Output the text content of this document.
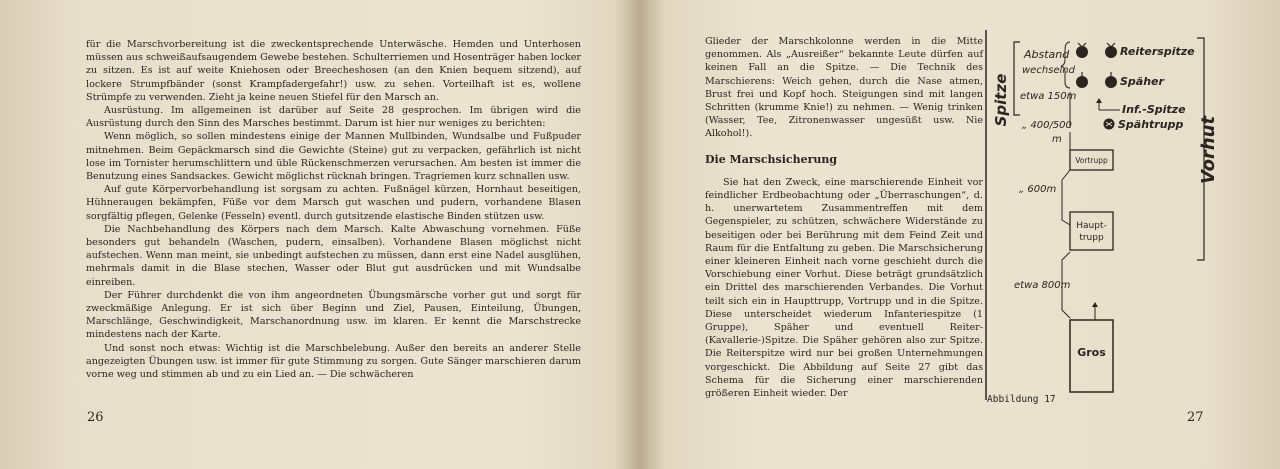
für die Marschvorbereitung ist die zweckentsprechende Unterwäsche. Hemden und Unterhosen müssen aus schweißaufsaugendem Gewebe bestehen. Schulterriemen und Hosenträger haben locker zu sitzen. Es ist auf weite Kniehosen oder Breecheshosen (an den Knien bequem sitzend), auf lockere Strumpfbänder (sonst Krampfadergefahr!) usw. zu sehen. Vorteilhaft ist es, wollene Strümpfe zu verwenden. Zieht ja keine neuen Stiefel für den Marsch an.

Ausrüstung. Im allgemeinen ist darüber auf Seite 28 gesprochen. Im übrigen wird die Ausrüstung durch den Sinn des Marsches bestimmt. Darum ist hier nur weniges zu berichten:

Wenn möglich, so sollen mindestens einige der Mannen Mullbinden, Wundsalbe und Fußpuder mitnehmen. Beim Gepäckmarsch sind die Gewichte (Steine) gut zu verpacken, gefährlich ist nicht lose im Tornister herumschlittern und üble Rückenschmerzen verursachen. Am besten ist immer die Benutzung eines Sandsackes. Gewicht möglichst rücknah bringen. Tragriemen kurz schnallen usw.

Auf gute Körpervorbehandlung ist sorgsam zu achten. Fußnägel kürzen, Hornhaut beseitigen, Hühneraugen bekämpfen, Füße vor dem Marsch gut waschen und pudern, vorhandene Blasen sorgfältig pflegen, Gelenke (Fesseln) eventl. durch gutsitzende elastische Binden stützen usw.

Die Nachbehandlung des Körpers nach dem Marsch. Kalte Abwaschung vornehmen. Füße besonders gut behandeln (Waschen, pudern, einsalben). Vorhandene Blasen möglichst nicht aufstechen. Wenn man meint, sie unbedingt aufstechen zu müssen, dann erst eine Nadel ausglühen, mehrmals damit in die Blase stechen, Wasser oder Blut gut ausdrücken und mit Wundsalbe einreiben.

Der Führer durchdenkt die von ihm angeordneten Übungsmärsche vorher gut und sorgt für zweckmäßige Anlegung. Er ist sich über Beginn und Ziel, Pausen, Einteilung, Übungen, Marschlänge, Geschwindigkeit, Marschanordnung usw. im klaren. Er kennt die Marschstrecke mindestens nach der Karte.

Und sonst noch etwas: Wichtig ist die Marschbelebung. Außer den bereits an anderer Stelle angezeigten Übungen usw. ist immer für gute Stimmung zu sorgen. Gute Sänger marschieren darum vorne weg und stimmen ab und zu ein Lied an. — Die schwächeren

26

Glieder der Marschkolonne werden in die Mitte genommen. Als „Ausreißer“ bekannte Leute dürfen auf keinen Fall an die Spitze. — Die Technik des Marschierens: Weich gehen, durch die Nase atmen, Brust frei und Kopf hoch. Steigungen sind mit langen Schritten (krumme Knie!) zu nehmen. — Wenig trinken (Wasser, Tee, Zitronenwasser ungesüßt usw. Nie Alkohol!).

Die Marschsicherung

Sie hat den Zweck, eine marschierende Einheit vor feindlicher Erdbeobachtung oder „Überraschungen“, d. h. unerwartetem Zusammentreffen mit dem Gegenspieler, zu schützen, schwächere Widerstände zu beseitigen oder bei Berührung mit dem Feind Zeit und Raum für die Entfaltung zu geben. Die Marschsicherung einer kleineren Einheit nach vorne geschieht durch die Vorschiebung einer Vorhut. Diese beträgt grundsätzlich ein Drittel des marschierenden Verbandes. Die Vorhut teilt sich ein in Haupttrupp, Vortrupp und in die Spitze. Diese unterscheidet wiederum Infanteriespitze (1 Gruppe), Späher und eventuell Reiter-(Kavallerie-)Spitze. Die Späher gehören also zur Spitze. Die Reiterspitze wird nur bei großen Unternehmungen vorgeschickt. Die Abbildung auf Seite 27 gibt das Schema für die Sicherung einer marschierenden größeren Einheit wieder. Der

Spitze
Vorhut
Abstand
wechselnd
Reiterspitze
Späher
etwa 150m
Inf.-Spitze
Spähtrupp
„ 400/500
m
Vortrupp
„ 600m
Haupt-
trupp
etwa 800m
Gros
Abbildung 17
27
